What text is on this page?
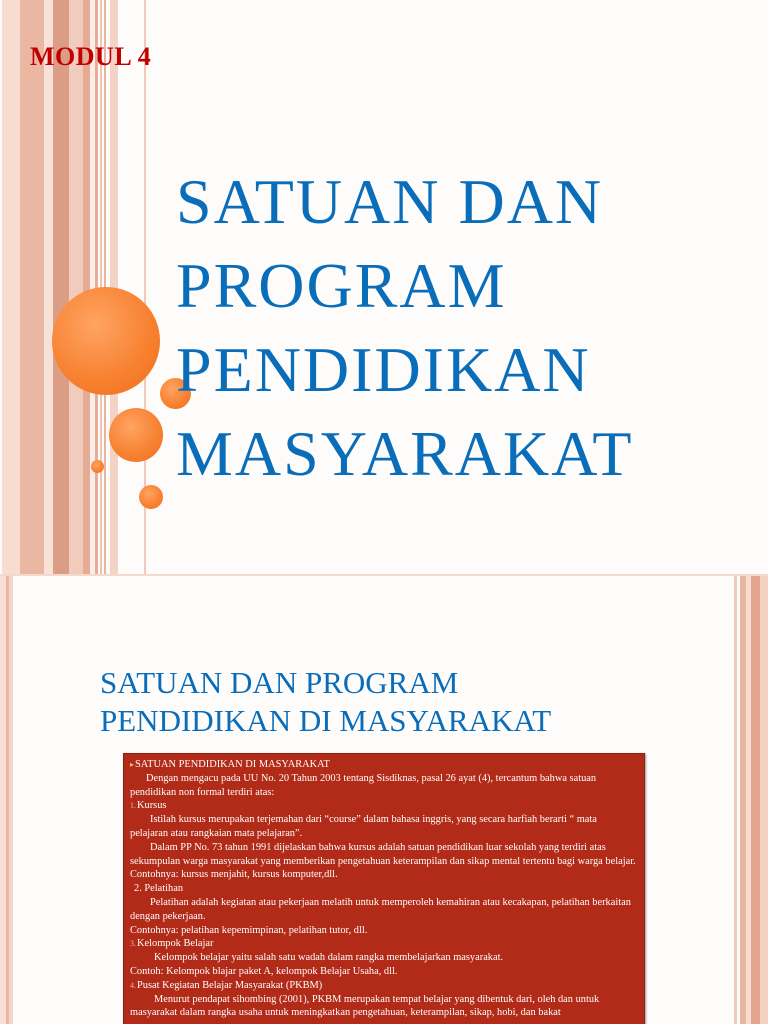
MODUL 4
SATUAN DAN
PROGRAM
PENDIDIKAN
MASYARAKAT
SATUAN DAN PROGRAM
PENDIDIKAN DI MASYARAKAT

▸SATUAN PENDIDIKAN DI MASYARAKAT

Dengan mengacu pada UU No. 20 Tahun 2003 tentang Sisdiknas, pasal 26 ayat (4), tercantum bahwa satuan pendidikan non formal terdiri atas:

1.Kursus

Istilah kursus merupakan terjemahan dari “course” dalam bahasa inggris, yang secara harfiah berarti “ mata pelajaran atau rangkaian mata pelajaran”.

Dalam PP No. 73 tahun 1991 dijelaskan bahwa kursus adalah satuan pendidikan luar sekolah yang terdiri atas sekumpulan warga masyarakat yang memberikan pengetahuan keterampilan dan sikap mental tertentu bagi warga belajar. Contohnya: kursus menjahit, kursus komputer,dll.

2. Pelatihan

Pelatihan adalah kegiatan atau pekerjaan melatih untuk memperoleh kemahiran atau kecakapan, pelatihan berkaitan dengan pekerjaan.

Contohnya: pelatihan kepemimpinan, pelatihan tutor, dll.

3.Kelompok Belajar

Kelompok belajar yaitu salah satu wadah dalam rangka membelajarkan masyarakat.

Contoh: Kelompok blajar paket A, kelompok Belajar Usaha, dll.

4.Pusat Kegiatan Belajar Masyarakat (PKBM)

Menurut pendapat sihombing (2001), PKBM merupakan tempat belajar yang dibentuk dari, oleh dan untuk masyarakat dalam rangka usaha untuk meningkatkan pengetahuan, keterampilan, sikap, hobi, dan bakat
